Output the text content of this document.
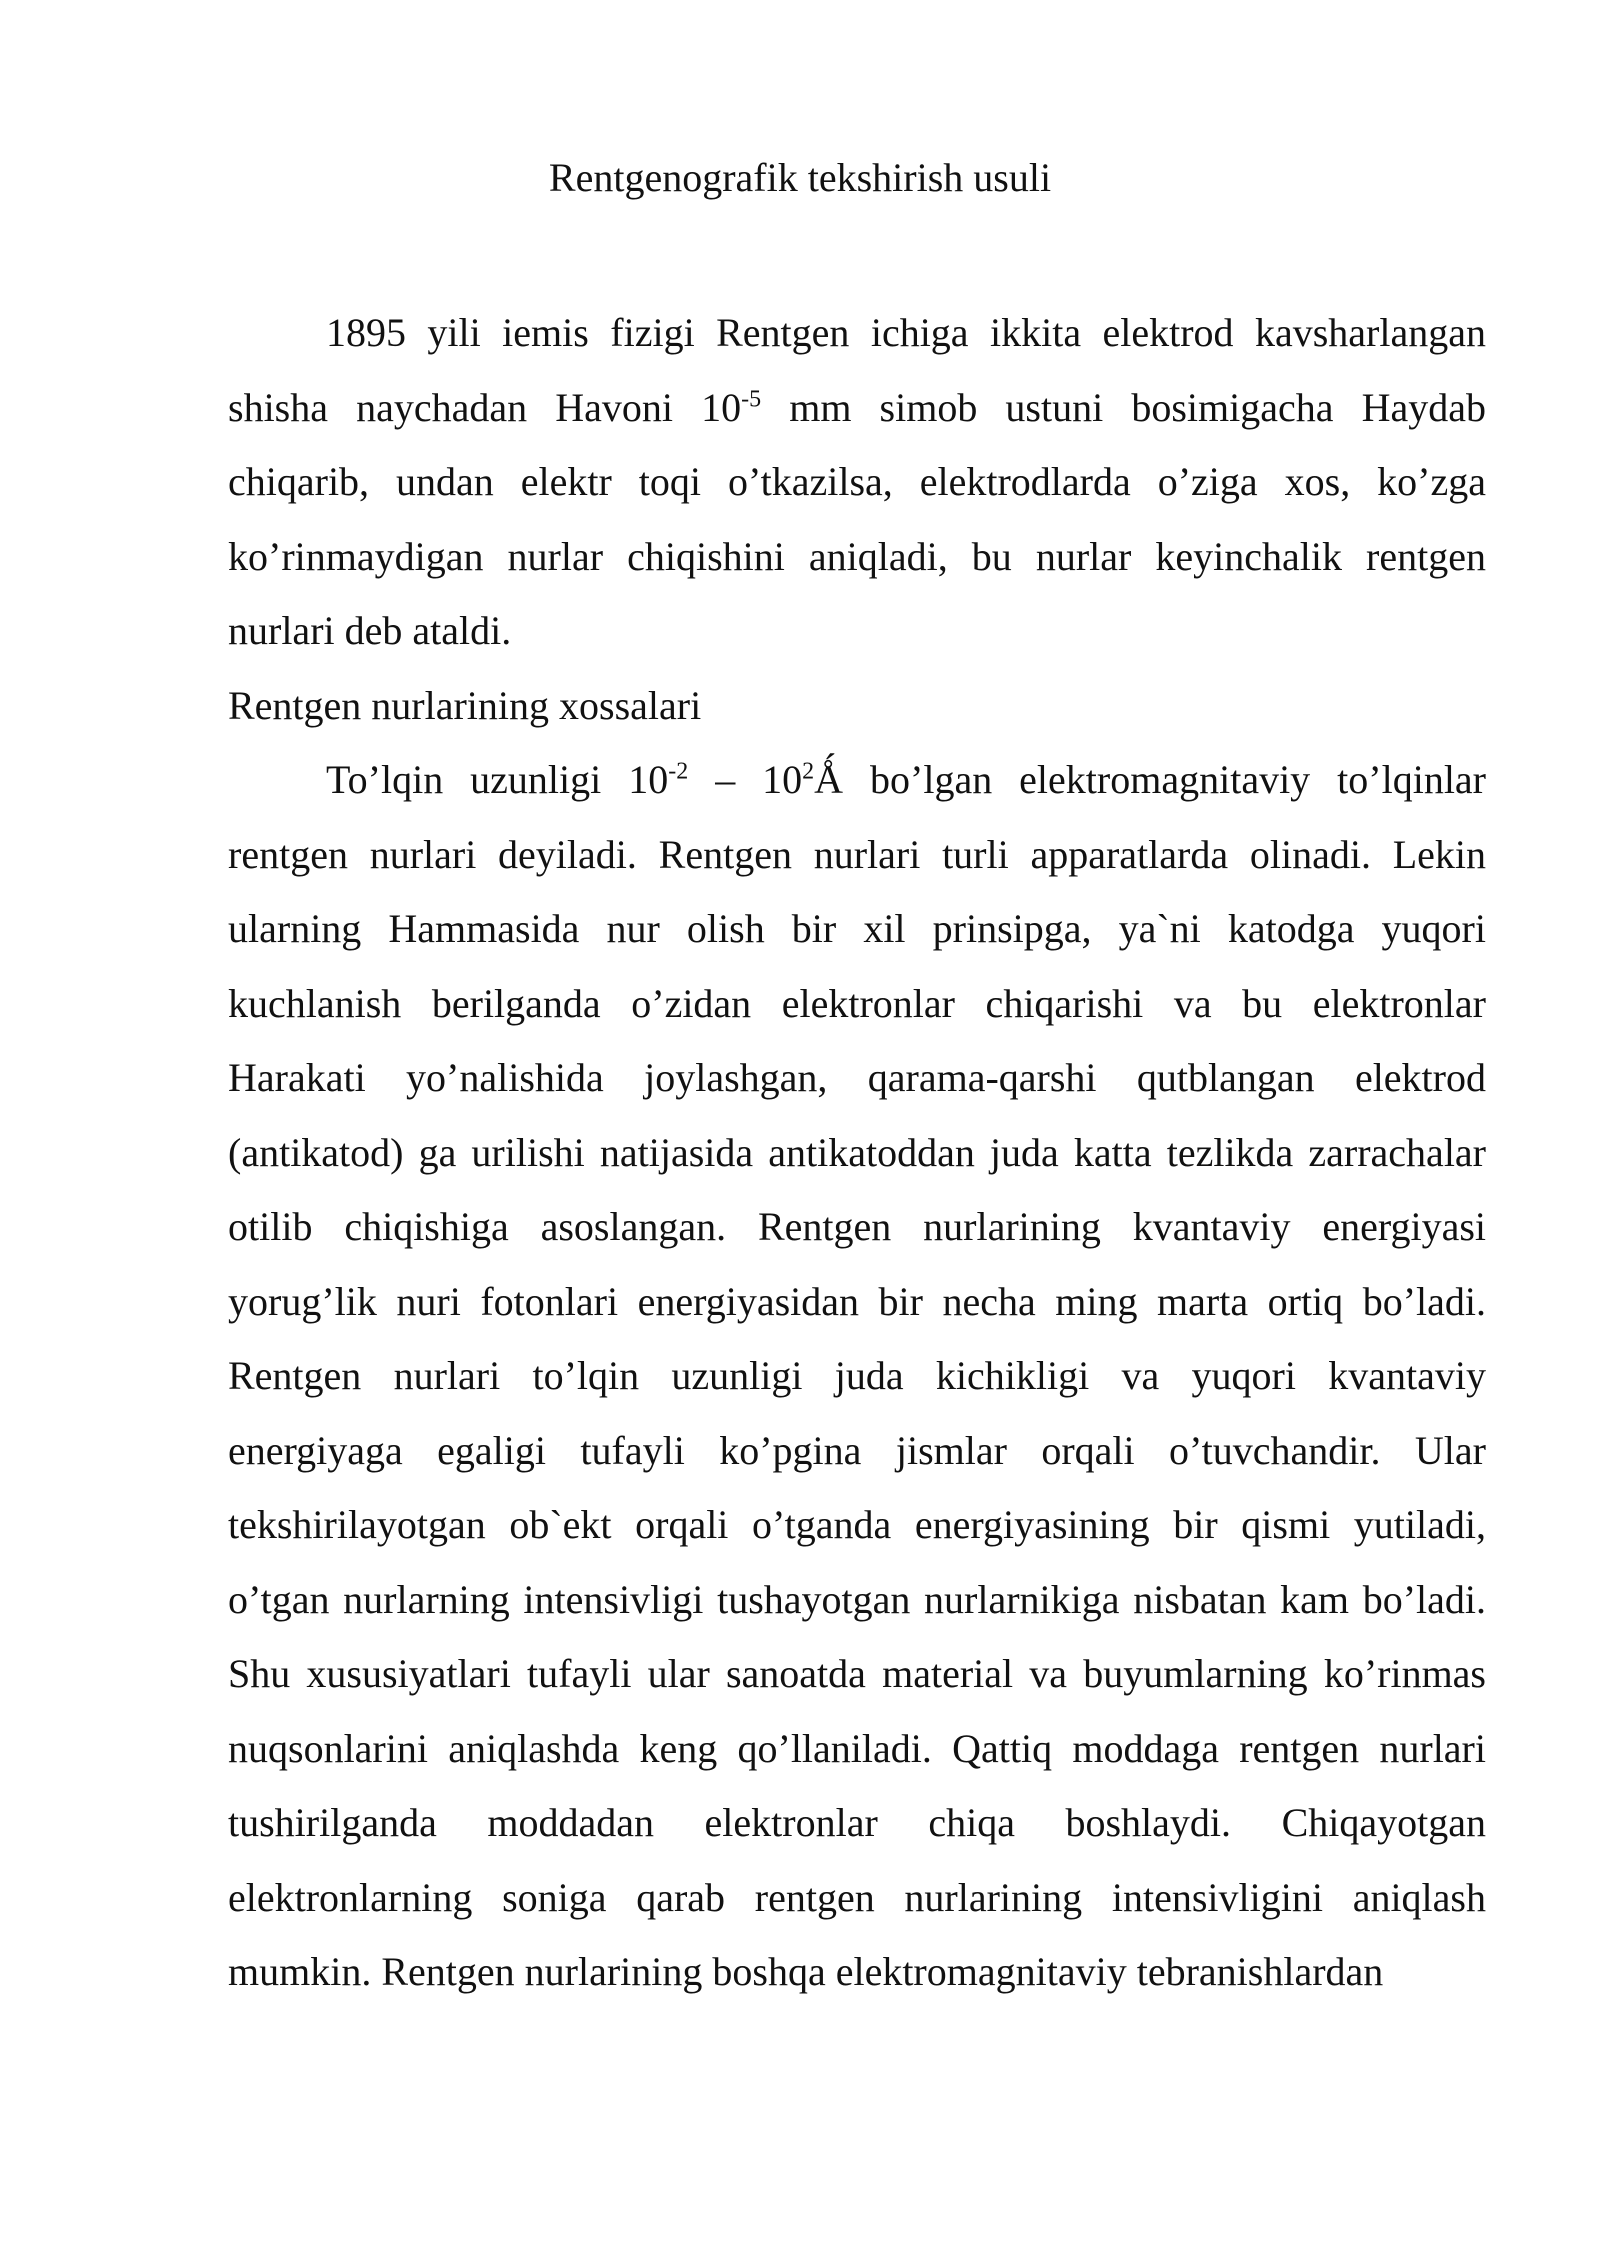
Rentgenografik tekshirish usuli

1895 yili iemis fizigi Rentgen ichiga ikkita elektrod kavsharlangan shisha naychadan Havoni $10^{-5}$ mm simob ustuni bosimigacha Haydab chiqarib, undan elektr toqi o’tkazilsa, elektrodlarda o’ziga xos, ko’zga ko’rinmaydigan nurlar chiqishini aniqladi, bu nurlar keyinchalik rentgen nurlari deb ataldi.

Rentgen nurlarining xossalari

To’lqin uzunligi $10^{-2}$ – $10^2Ǻ$ bo’lgan elektromagnitaviy to’lqinlar rentgen nurlari deyiladi. Rentgen nurlari turli apparatlarda olinadi. Lekin ularning Hammasida nur olish bir xil prinsipga, ya`ni katodga yuqori kuchlanish berilganda o’zidan elektronlar chiqarishi va bu elektronlar Harakati yo’nalishida joylashgan, qarama-qarshi qutblangan elektrod (antikatod) ga urilishi natijasida antikatoddan juda katta tezlikda zarrachalar otilib chiqishiga asoslangan. Rentgen nurlarining kvantaviy energiyasi yorug’lik nuri fotonlari energiyasidan bir necha ming marta ortiq bo’ladi. Rentgen nurlari to’lqin uzunligi juda kichikligi va yuqori kvantaviy energiyaga egaligi tufayli ko’pgina jismlar orqali o’tuvchandir. Ular tekshirilayotgan ob`ekt orqali o’tganda energiyasining bir qismi yutiladi, o’tgan nurlarning intensivligi tushayotgan nurlarnikiga nisbatan kam bo’ladi. Shu xususiyatlari tufayli ular sanoatda material va buyumlarning ko’rinmas nuqsonlarini aniqlashda keng qo’llaniladi. Qattiq moddaga rentgen nurlari tushirilganda moddadan elektronlar chiqa boshlaydi. Chiqayotgan elektronlarning soniga qarab rentgen nurlarining intensivligini aniqlash mumkin. Rentgen nurlarining boshqa elektromagnitaviy tebranishlardan
